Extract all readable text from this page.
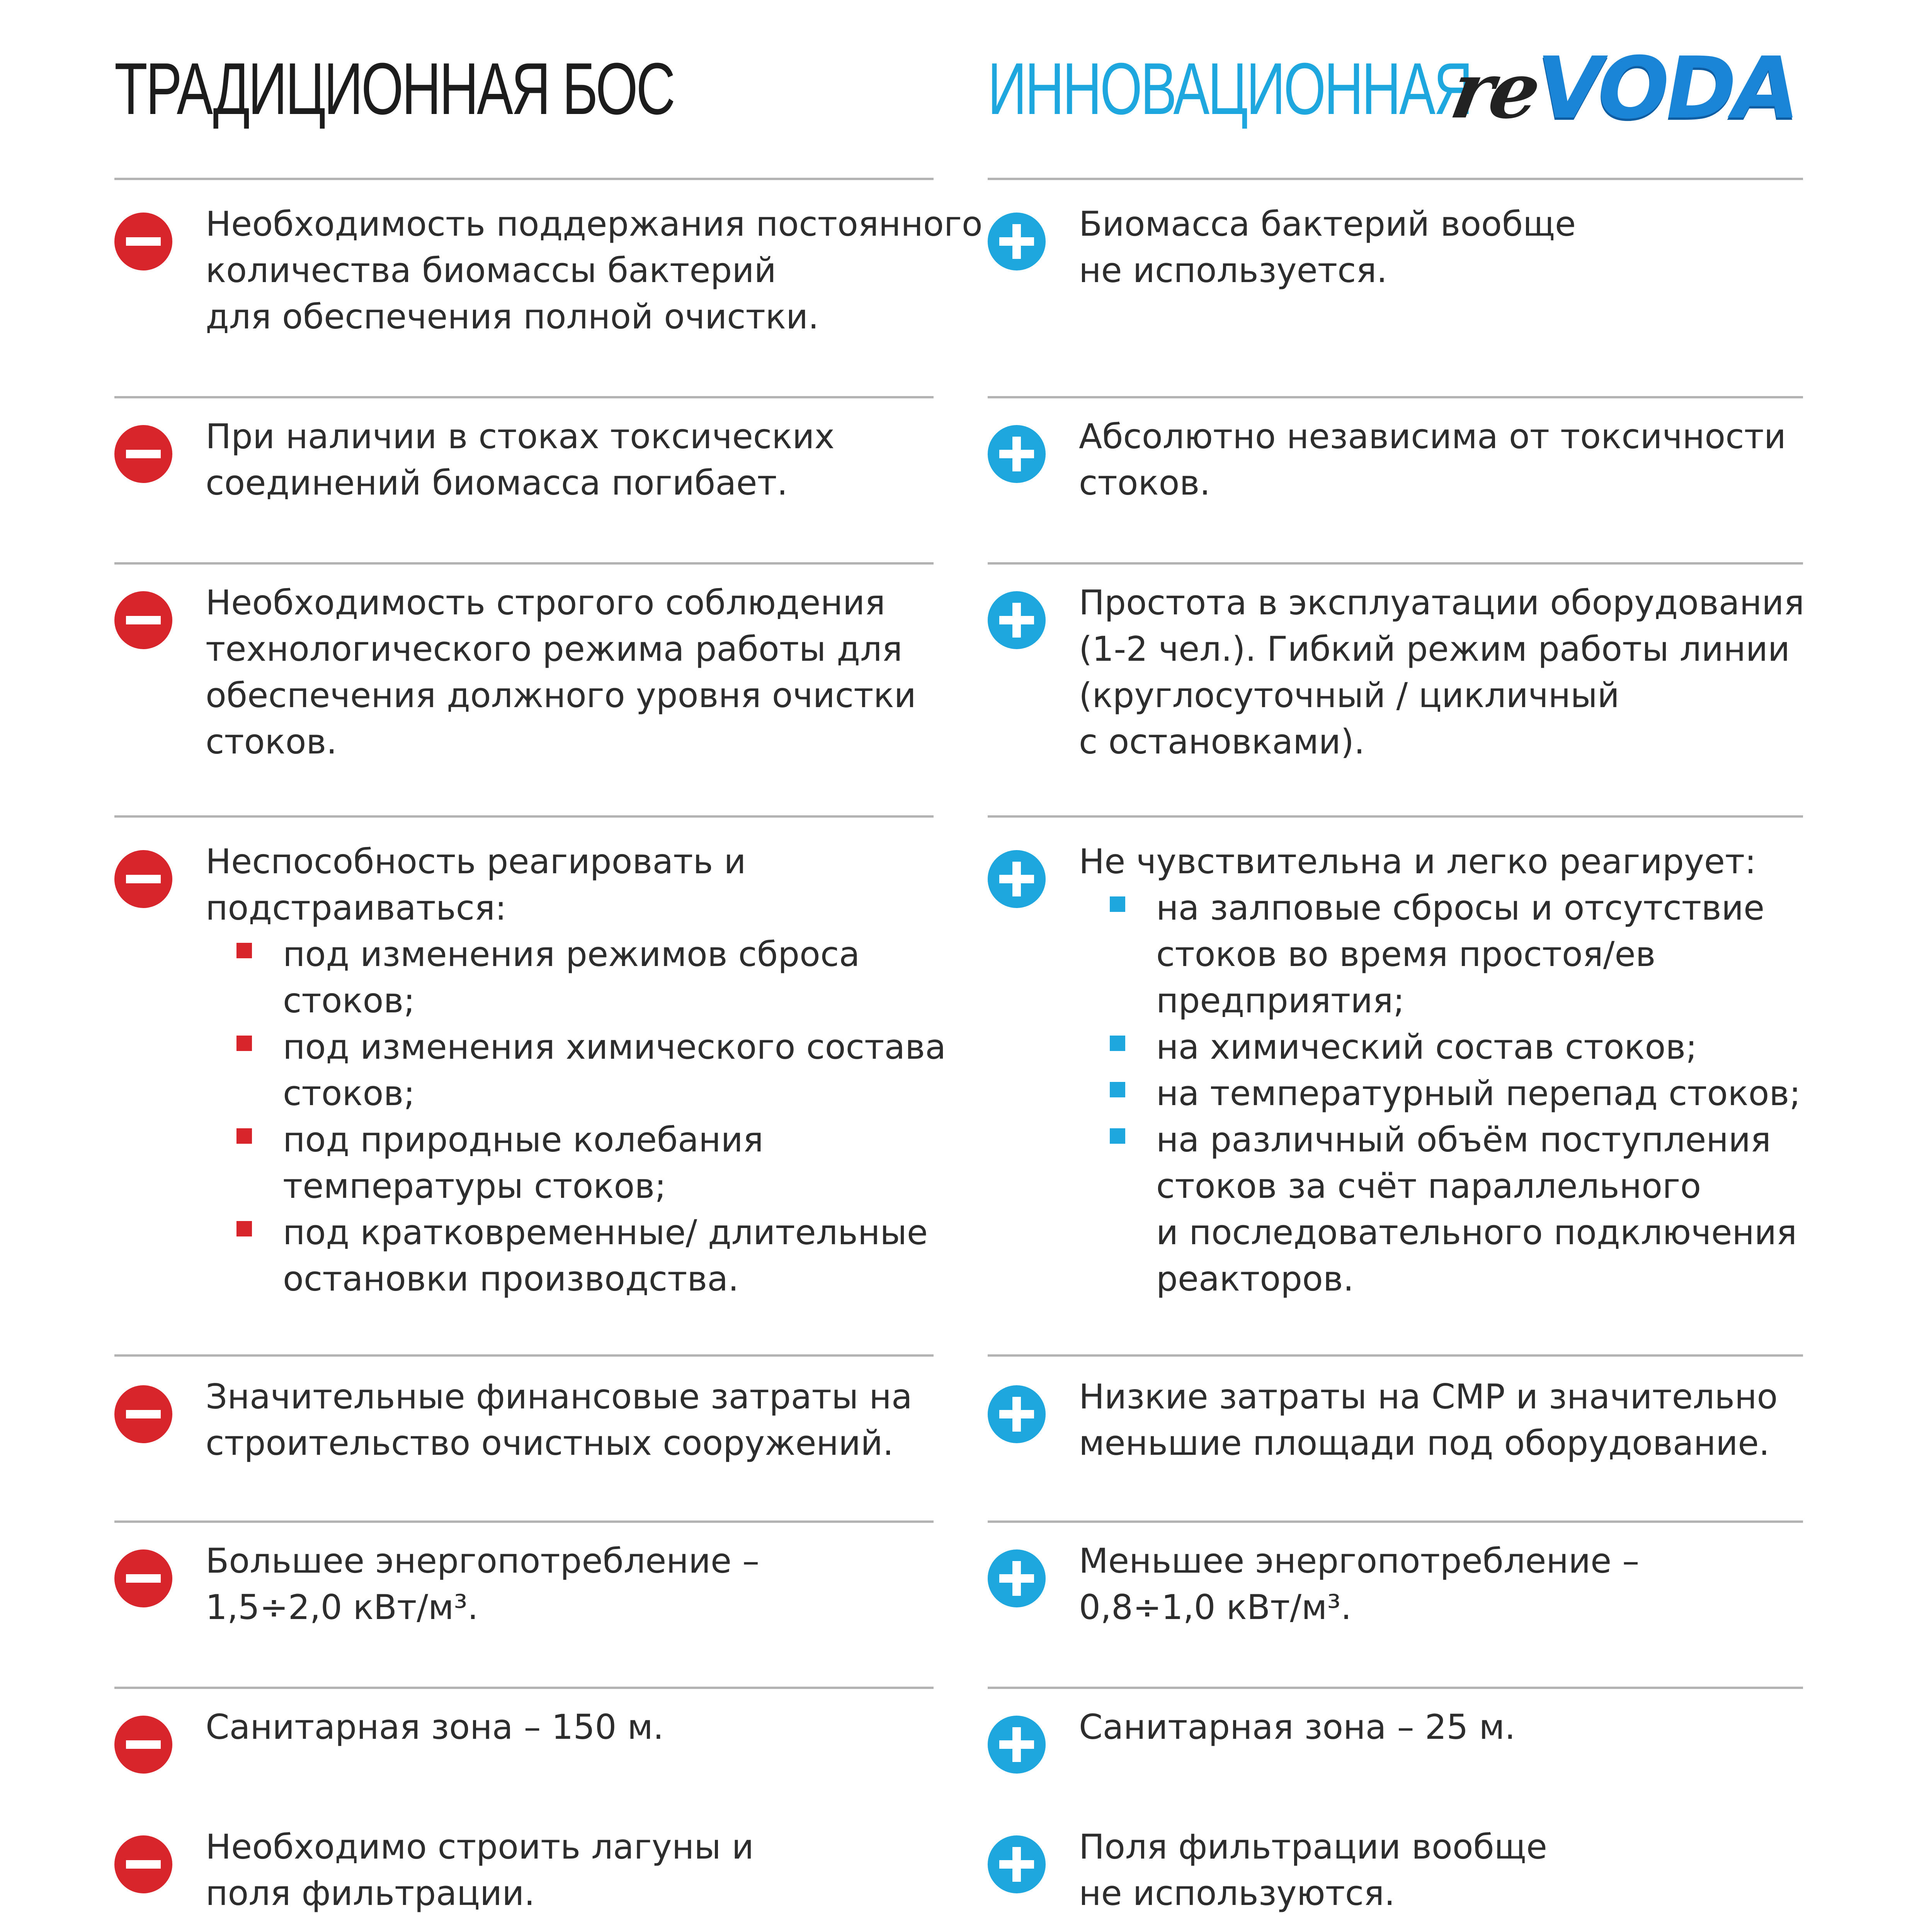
ТРАДИЦИОННАЯ БОС	ИННОВАЦИОННАЯ
reVODA
Необходимость поддержания постоянного
количества биомассы бактерий
для обеспечения полной очистки.
При наличии в стоках токсических
соединений биомасса погибает.
Необходимость строгого соблюдения
технологического режима работы для
обеспечения должного уровня очистки
стоков.
Неспособность реагировать и
подстраиваться:
под изменения режимов сброса
стоков;
под изменения химического состава
стоков;
под природные колебания
температуры стоков;
под кратковременные/ длительные
остановки производства.
Значительные финансовые затраты на
строительство очистных сооружений.
Большее энергопотребление –
1,5÷2,0 кВт/м³.
Санитарная зона – 150 м.
Необходимо строить лагуны и
поля фильтрации.
Биомасса бактерий вообще
не используется.
Абсолютно независима от токсичности
стоков.
Простота в эксплуатации оборудования
(1-2 чел.). Гибкий режим работы линии
(круглосуточный / цикличный
с остановками).
Не чувствительна и легко реагирует:
на залповые сбросы и отсутствие
стоков во время простоя/ев
предприятия;
на химический состав стоков;
на температурный перепад стоков;
на различный объём поступления
стоков за счёт параллельного
и последовательного подключения
реакторов.
Низкие затраты на СМР и значительно
меньшие площади под оборудование.
Меньшее энергопотребление –
0,8÷1,0 кВт/м³.
Санитарная зона – 25 м.
Поля фильтрации вообще
не используются.
